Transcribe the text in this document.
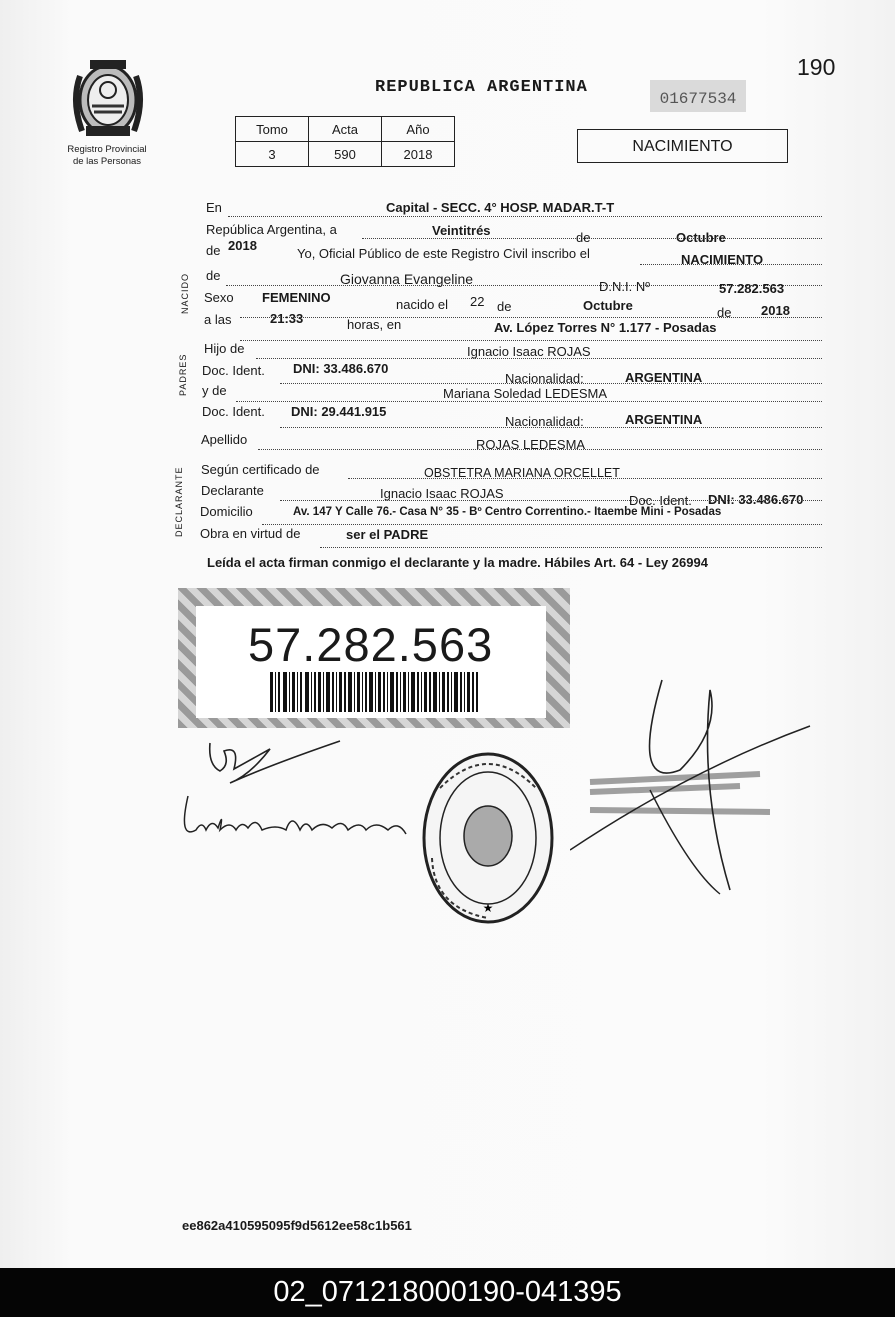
Registro Provincial
de las Personas
190
REPUBLICA ARGENTINA
01677534
Tomo	Acta	Año
3	590	2018	NACIMIENTO
NACIDO
PADRES
DECLARANTE
En	Capital - SECC. 4° HOSP. MADAR.T-T
República Argentina, a	Veintitrés	de	Octubre
de 2018
Yo, Oficial Público de este Registro Civil inscribo el	NACIMIENTO
de	Giovanna Evangeline	D.N.I. Nº	57.282.563
Sexo FEMENINO	nacido el 22 de	Octubre	de 2018
a las	21:33	horas, en	Av. López Torres N° 1.177 - Posadas
Hijo de	Ignacio Isaac ROJAS
Doc. Ident. DNI: 33.486.670
Nacionalidad:	ARGENTINA
y de	Mariana Soledad LEDESMA
Doc. Ident. DNI: 29.441.915
Nacionalidad:	ARGENTINA
Apellido	ROJAS LEDESMA
Según certificado de	OBSTETRA MARIANA ORCELLET
Declarante	Ignacio Isaac ROJAS	Doc. Ident. DNI: 33.486.670
Domicilio	Av. 147 Y Calle 76.- Casa N° 35 - Bº Centro Correntino.- Itaembe Mini - Posadas
Obra en virtud de	ser el PADRE
Leída el acta firman conmigo el declarante y la madre. Hábiles Art. 64 - Ley 26994
57.282.563
★
ee862a410595095f9d5612ee58c1b561
02_071218000190-041395
